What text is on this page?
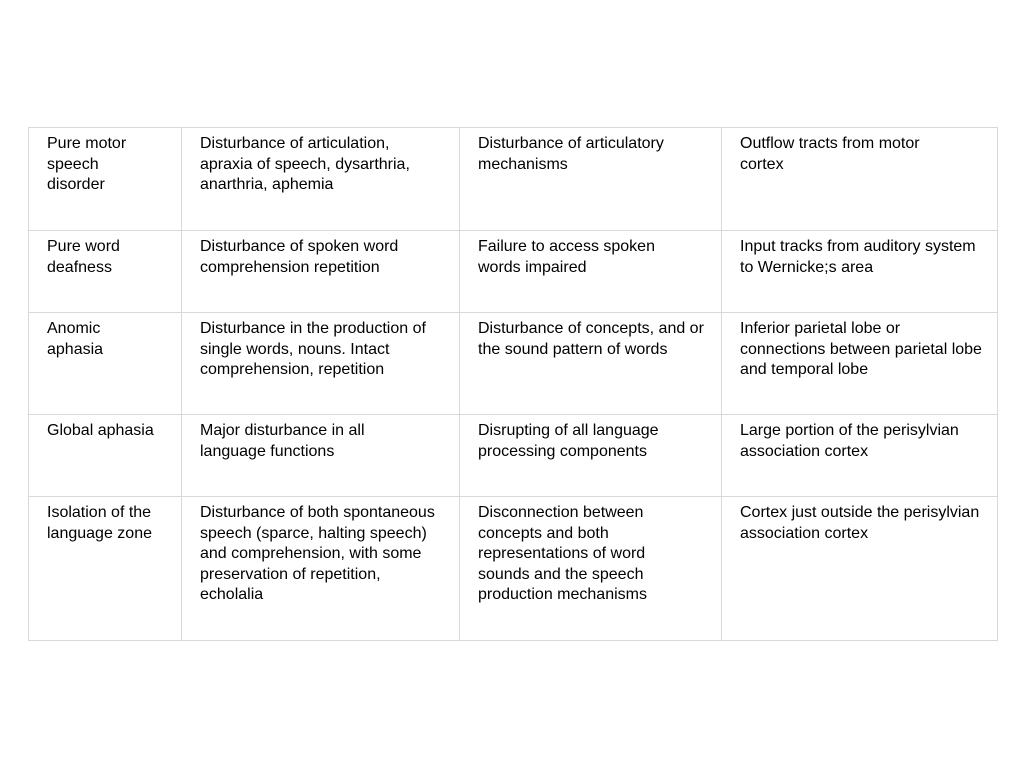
Pure motor speech disorder	Disturbance of articulation, apraxia of speech, dysarthria, anarthria, aphemia	Disturbance of articulatory mechanisms	Outflow tracts from motor cortex
Pure word deafness	Disturbance of spoken word comprehension repetition	Failure to access spoken words impaired	Input tracks from auditory system to Wernicke;s area
Anomic aphasia	Disturbance in the production of single words, nouns. Intact comprehension, repetition	Disturbance of concepts, and or the sound pattern of words	Inferior parietal lobe or connections between parietal lobe and temporal lobe
Global aphasia	Major disturbance in all language functions	Disrupting of all language processing components	Large portion of the perisylvian association cortex
Isolation of the language zone	Disturbance of both spontaneous speech (sparce, halting speech) and comprehension, with some preservation of repetition, echolalia	Disconnection between concepts and both representations of word sounds and the speech production mechanisms	Cortex just outside the perisylvian association cortex
